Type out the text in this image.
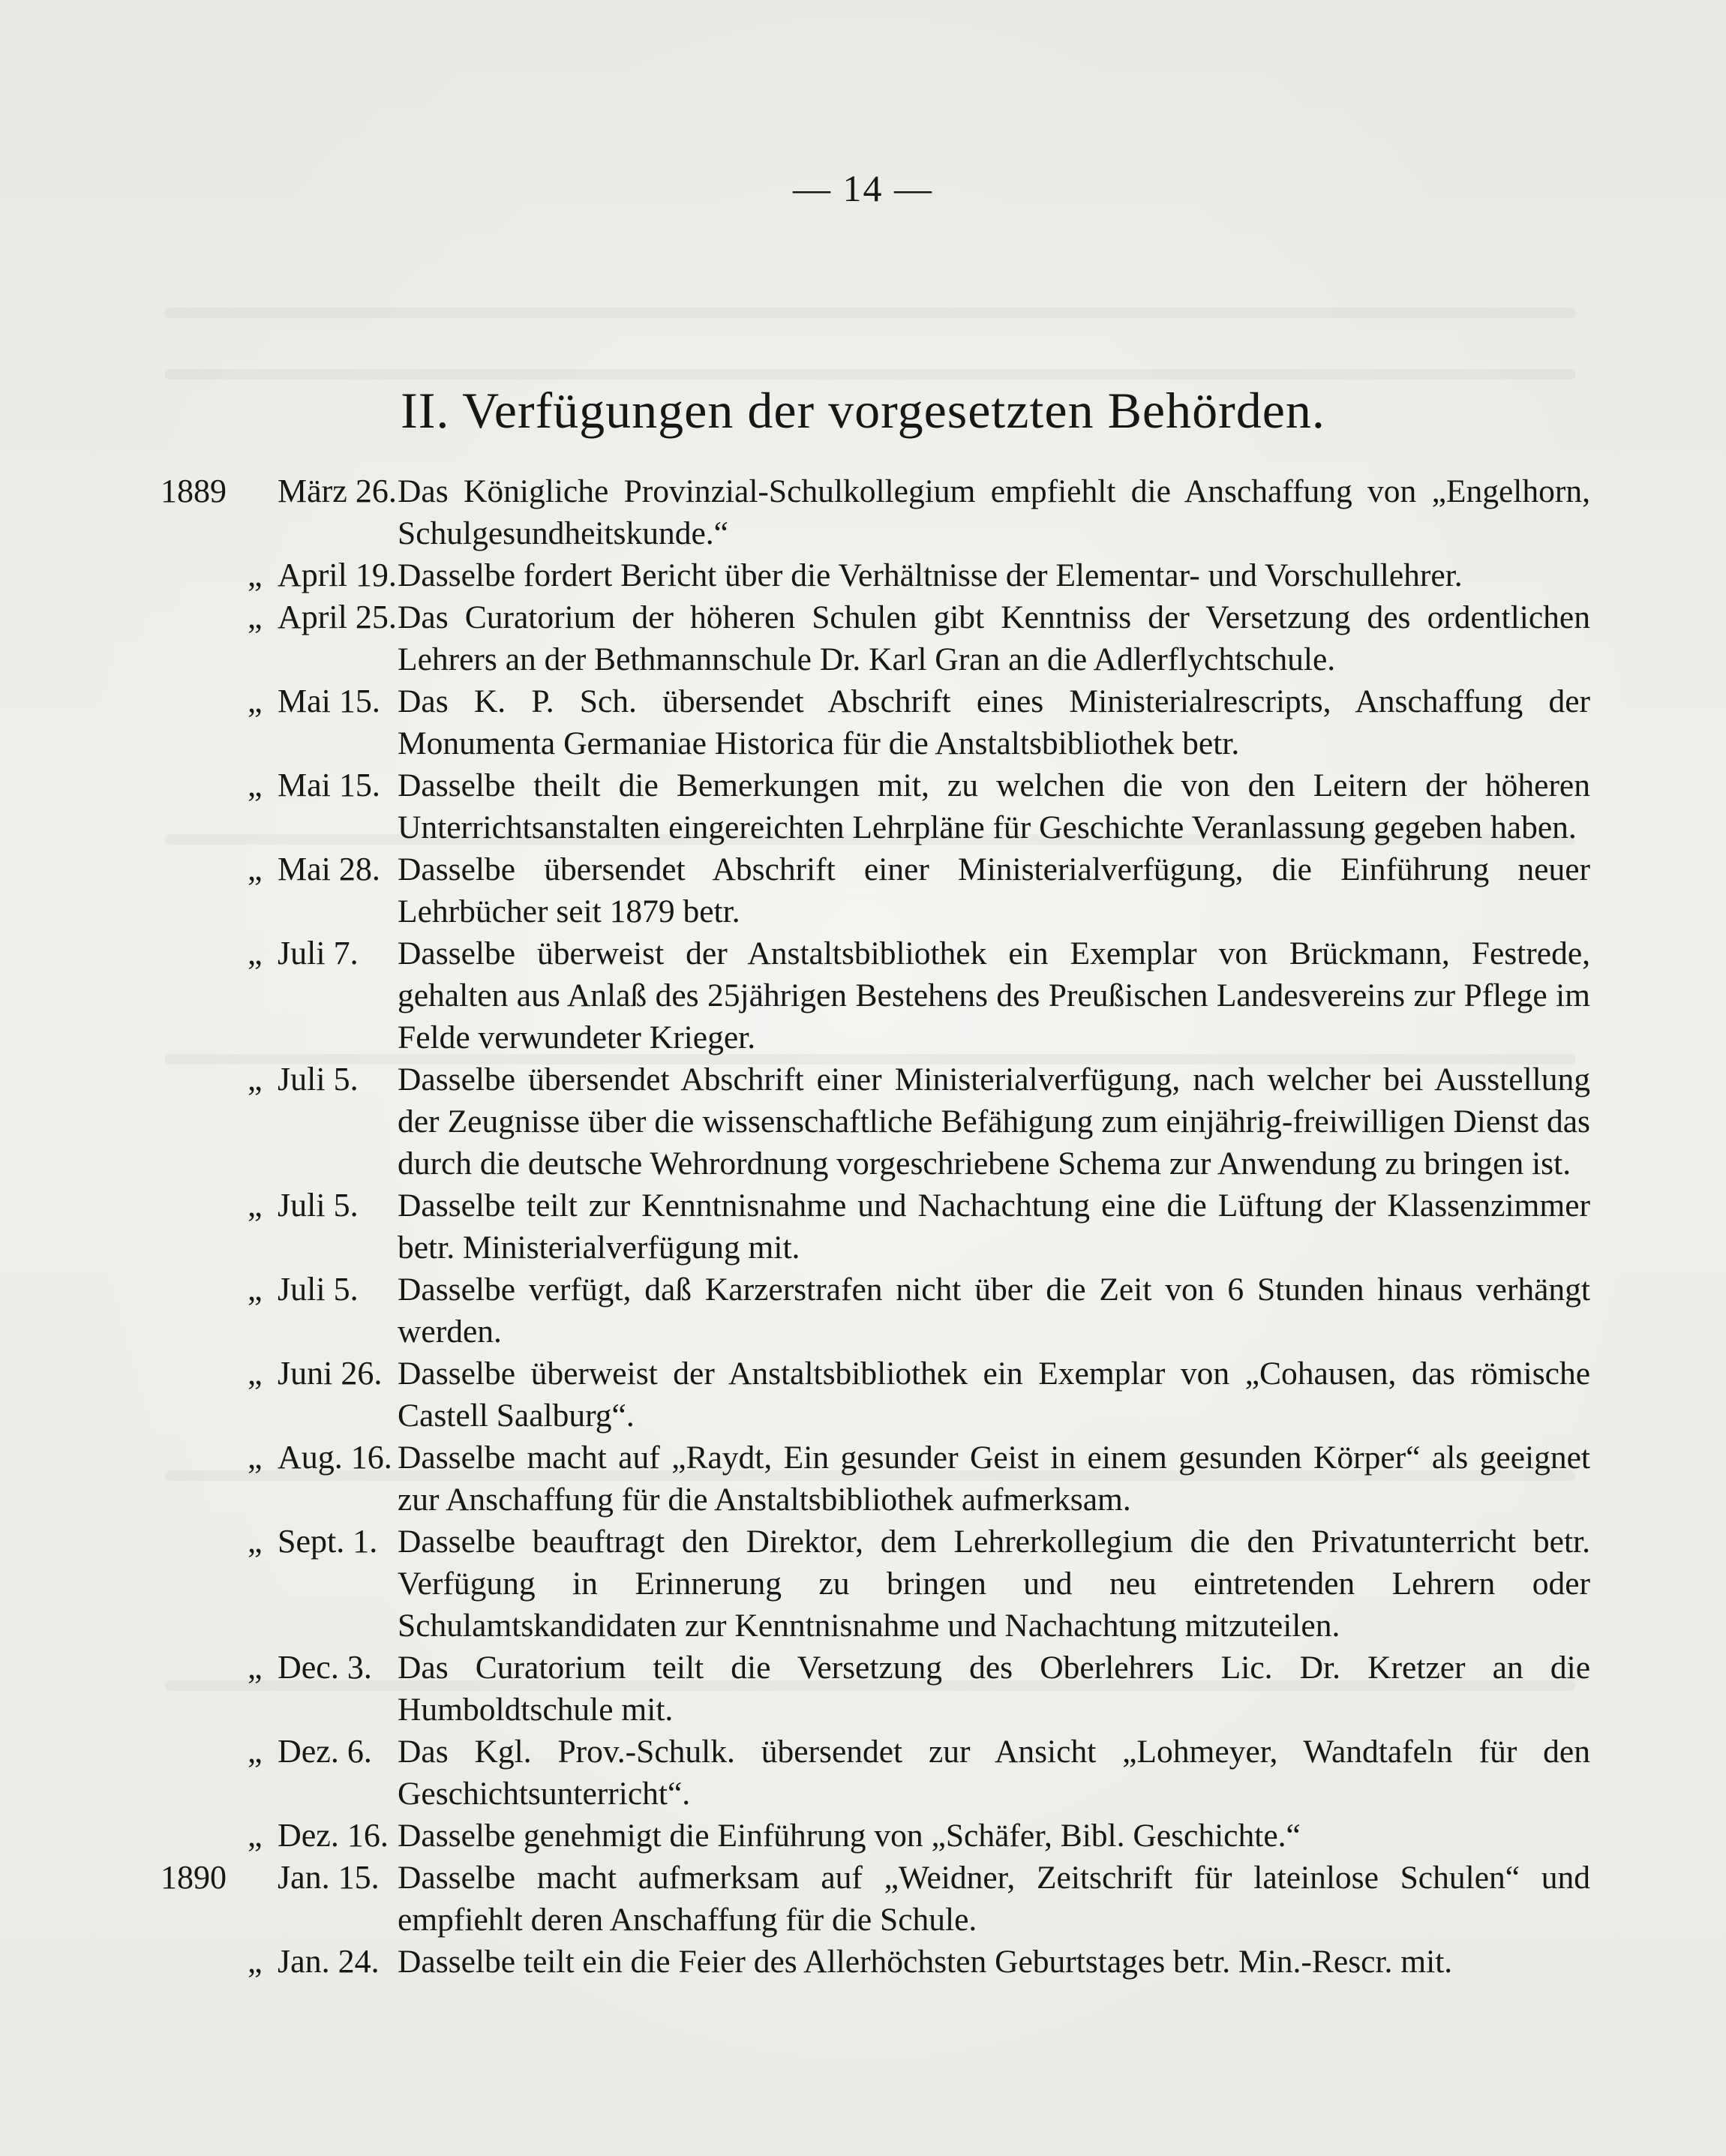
— 14 —
II. Verfügungen der vorgesetzten Behörden.
1889	März 26. Das Königliche Provinzial-Schulkollegium empfiehlt die Anschaffung von „Engelhorn, Schulgesundheitskunde.“
„ April 19. Dasselbe fordert Bericht über die Verhältnisse der Elementar- und Vorschullehrer.
„ April 25. Das Curatorium der höheren Schulen gibt Kenntniss der Versetzung des ordentlichen Lehrers an der Bethmannschule Dr. Karl Gran an die Adlerflychtschule.
„ Mai 15. Das K. P. Sch. übersendet Abschrift eines Ministerialrescripts, Anschaffung der Monumenta Germaniae Historica für die Anstaltsbibliothek betr.
„ Mai 15. Dasselbe theilt die Bemerkungen mit, zu welchen die von den Leitern der höheren Unterrichtsanstalten eingereichten Lehrpläne für Geschichte Veranlassung gegeben haben.
„ Mai 28. Dasselbe übersendet Abschrift einer Ministerialverfügung, die Einführung neuer Lehrbücher seit 1879 betr.
„ Juli 7. Dasselbe überweist der Anstaltsbibliothek ein Exemplar von Brückmann, Festrede, gehalten aus Anlaß des 25jährigen Bestehens des Preußischen Landesvereins zur Pflege im Felde verwundeter Krieger.
„ Juli 5. Dasselbe übersendet Abschrift einer Ministerialverfügung, nach welcher bei Ausstellung der Zeugnisse über die wissenschaftliche Befähigung zum einjährig-freiwilligen Dienst das durch die deutsche Wehrordnung vorgeschriebene Schema zur Anwendung zu bringen ist.
„ Juli 5. Dasselbe teilt zur Kenntnisnahme und Nachachtung eine die Lüftung der Klassenzimmer betr. Ministerialverfügung mit.
„ Juli 5. Dasselbe verfügt, daß Karzerstrafen nicht über die Zeit von 6 Stunden hinaus verhängt werden.
„ Juni 26. Dasselbe überweist der Anstaltsbibliothek ein Exemplar von „Cohausen, das römische Castell Saalburg“.
„ Aug. 16. Dasselbe macht auf „Raydt, Ein gesunder Geist in einem gesunden Körper“ als geeignet zur Anschaffung für die Anstaltsbibliothek aufmerksam.
„ Sept. 1. Dasselbe beauftragt den Direktor, dem Lehrerkollegium die den Privatunterricht betr. Verfügung in Erinnerung zu bringen und neu eintretenden Lehrern oder Schulamtskandidaten zur Kenntnisnahme und Nachachtung mitzuteilen.
„ Dec. 3. Das Curatorium teilt die Versetzung des Oberlehrers Lic. Dr. Kretzer an die Humboldtschule mit.
„ Dez. 6. Das Kgl. Prov.-Schulk. übersendet zur Ansicht „Lohmeyer, Wandtafeln für den Geschichtsunterricht“.
„ Dez. 16. Dasselbe genehmigt die Einführung von „Schäfer, Bibl. Geschichte.“
1890	Jan. 15. Dasselbe macht aufmerksam auf „Weidner, Zeitschrift für lateinlose Schulen“ und empfiehlt deren Anschaffung für die Schule.
„ Jan. 24. Dasselbe teilt ein die Feier des Allerhöchsten Geburtstages betr. Min.-Rescr. mit.
